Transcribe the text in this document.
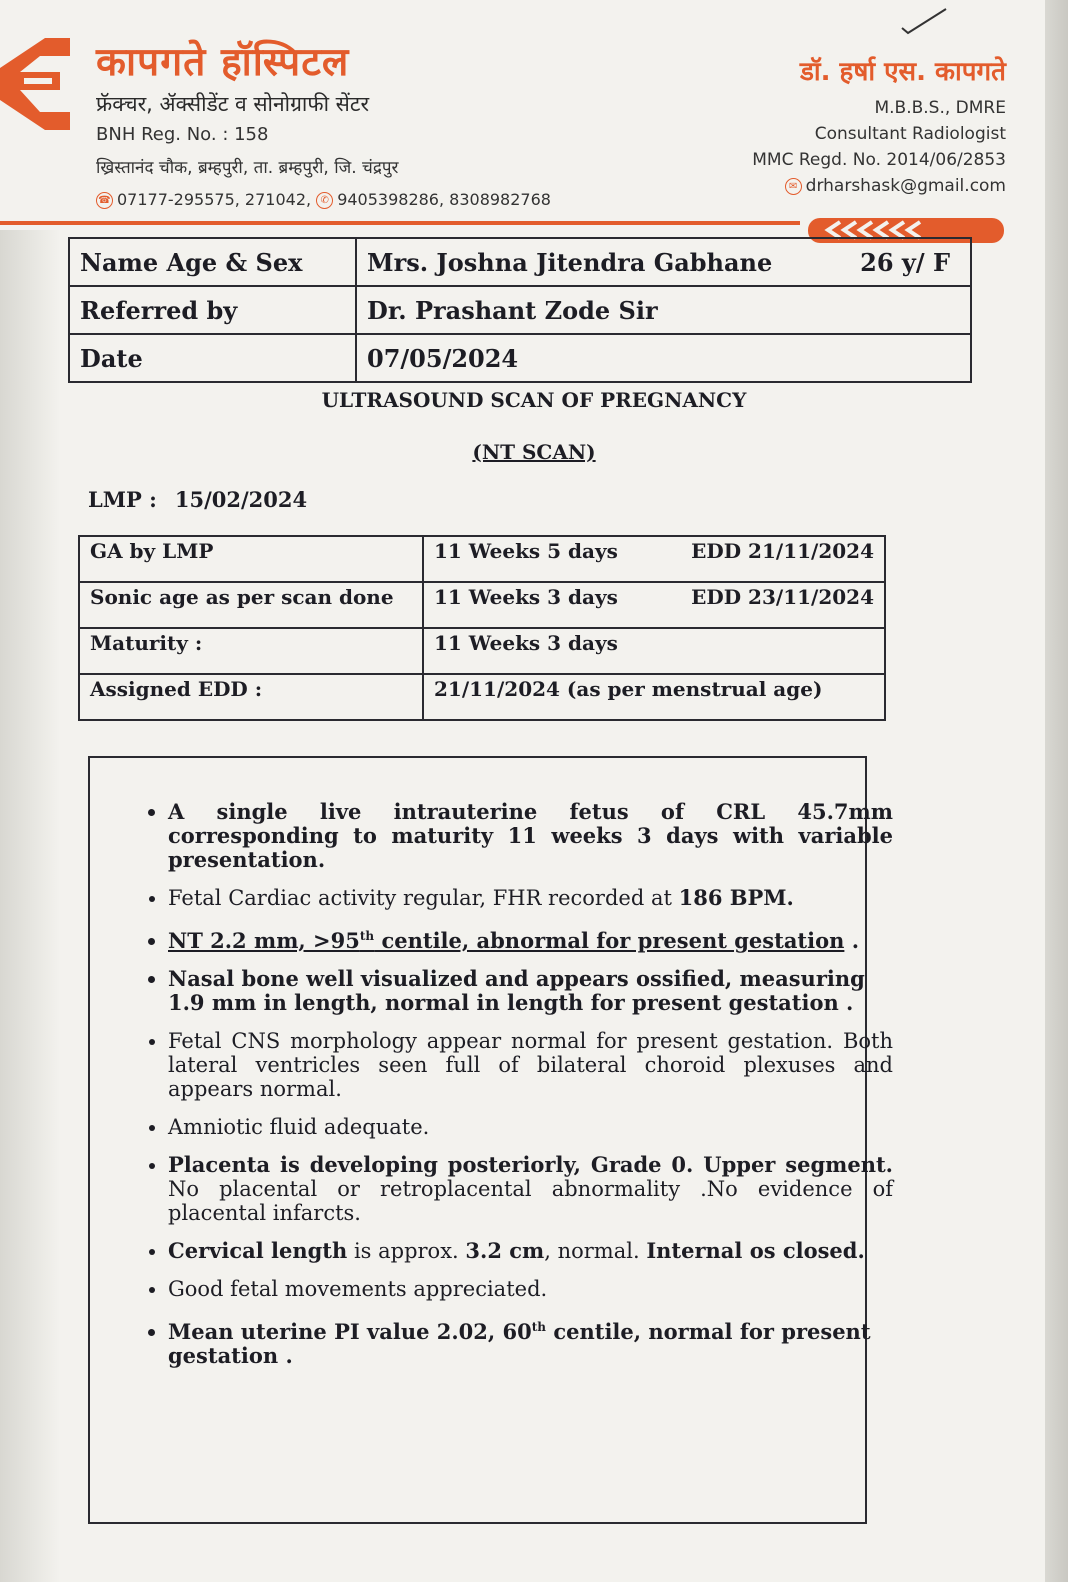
कापगते हॉस्पिटल
फ्रॅक्चर, ॲक्सीडेंट व सोनोग्राफी सेंटर
BNH Reg. No. : 158
ख्रिस्तानंद चौक, ब्रम्हपुरी, ता. ब्रम्हपुरी, जि. चंद्रपुर
☎ 07177-295575, 271042, ✆ 9405398286, 8308982768
डॉ. हर्षा एस. कापगते
M.B.B.S., DMRE
Consultant Radiologist
MMC Regd. No. 2014/06/2853
✉ drharshask@gmail.com
Name Age & Sex	Mrs. Joshna Jitendra Gabhane 26 y/ F

Referred by	Dr. Prashant Zode Sir
Date	07/05/2024
ULTRASOUND SCAN OF PREGNANCY
(NT SCAN)
LMP : 15/02/2024
GA by LMP	11 Weeks 5 days EDD 21/11/2024

Sonic age as per scan done	11 Weeks 3 days EDD 23/11/2024

Maturity :	11 Weeks 3 days
Assigned EDD :	21/11/2024 (as per menstrual age)
• A single live intrauterine fetus of CRL 45.7mm corresponding to maturity 11 weeks 3 days with variable presentation.
• Fetal Cardiac activity regular, FHR recorded at 186 BPM.
• NT 2.2 mm, >95th centile, abnormal for present gestation .
• Nasal bone well visualized and appears ossified, measuring 1.9 mm in length, normal in length for present gestation .
• Fetal CNS morphology appear normal for present gestation. Both lateral ventricles seen full of bilateral choroid plexuses and appears normal.
• Amniotic fluid adequate.
• Placenta is developing posteriorly, Grade 0. Upper segment. No placental or retroplacental abnormality .No evidence of placental infarcts.
• Cervical length is approx. 3.2 cm, normal. Internal os closed.
• Good fetal movements appreciated.
• Mean uterine PI value 2.02, 60th centile, normal for present gestation .
